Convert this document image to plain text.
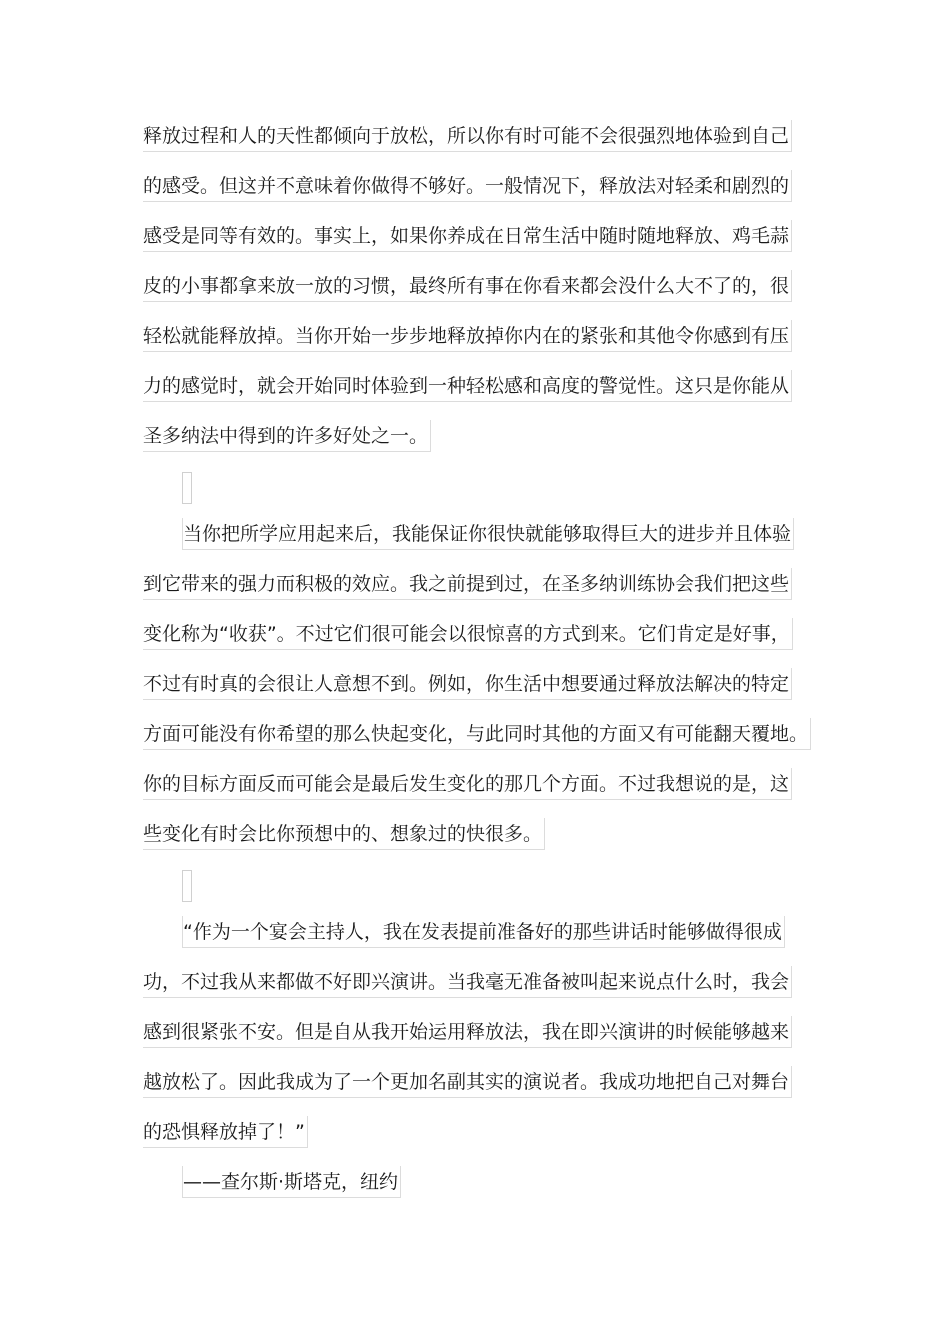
释放过程和人的天性都倾向于放松，所以你有时可能不会很强烈地体验到自己
的感受。但这并不意味着你做得不够好。一般情况下，释放法对轻柔和剧烈的
感受是同等有效的。事实上，如果你养成在日常生活中随时随地释放、鸡毛蒜
皮的小事都拿来放一放的习惯，最终所有事在你看来都会没什么大不了的，很
轻松就能释放掉。当你开始一步步地释放掉你内在的紧张和其他令你感到有压
力的感觉时，就会开始同时体验到一种轻松感和高度的警觉性。这只是你能从
圣多纳法中得到的许多好处之一。
当你把所学应用起来后，我能保证你很快就能够取得巨大的进步并且体验
到它带来的强力而积极的效应。我之前提到过，在圣多纳训练协会我们把这些
变化称为“收获”。不过它们很可能会以很惊喜的方式到来。它们肯定是好事，
不过有时真的会很让人意想不到。例如，你生活中想要通过释放法解决的特定
方面可能没有你希望的那么快起变化，与此同时其他的方面又有可能翻天覆地。
你的目标方面反而可能会是最后发生变化的那几个方面。不过我想说的是，这
些变化有时会比你预想中的、想象过的快很多。
“作为一个宴会主持人，我在发表提前准备好的那些讲话时能够做得很成
功，不过我从来都做不好即兴演讲。当我毫无准备被叫起来说点什么时，我会
感到很紧张不安。但是自从我开始运用释放法，我在即兴演讲的时候能够越来
越放松了。因此我成为了一个更加名副其实的演说者。我成功地把自己对舞台
的恐惧释放掉了！”
——查尔斯·斯塔克，纽约
